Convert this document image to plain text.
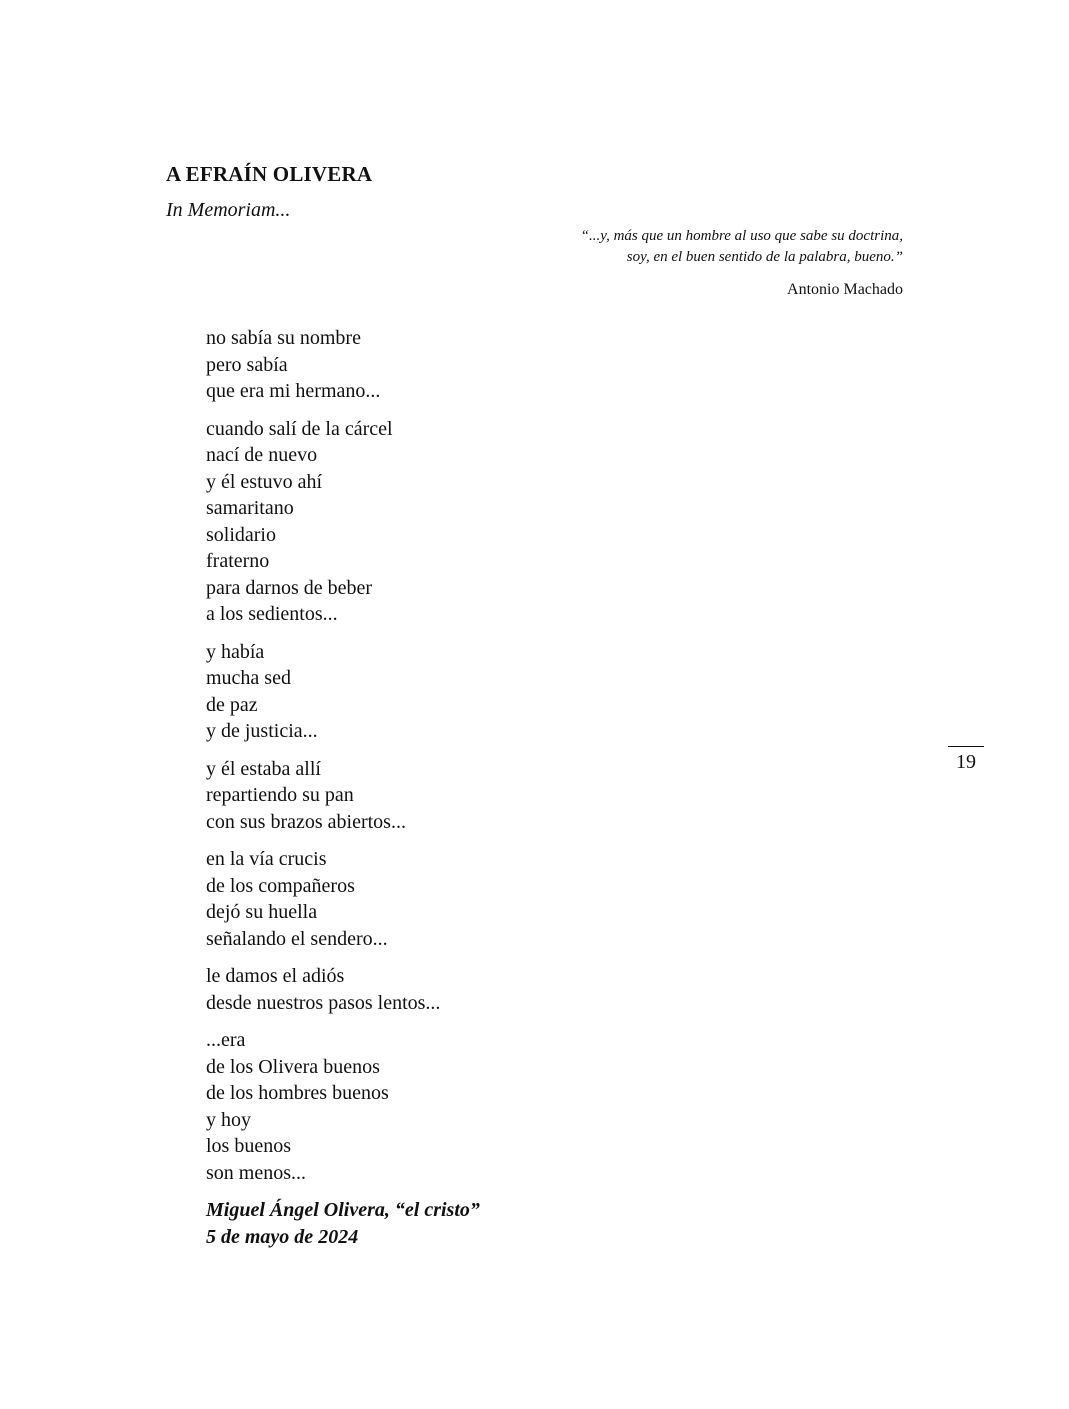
A EFRAÍN OLIVERA

In Memoriam...

“...y, más que un hombre al uso que sabe su doctrina,
soy, en el buen sentido de la palabra, bueno.”
Antonio Machado
no sabía su nombre
pero sabía
que era mi hermano...
cuando salí de la cárcel
nací de nuevo
y él estuvo ahí
samaritano
solidario
fraterno
para darnos de beber
a los sedientos...
y había
mucha sed
de paz
y de justicia...
y él estaba allí
repartiendo su pan
con sus brazos abiertos...
en la vía crucis
de los compañeros
dejó su huella
señalando el sendero...
le damos el adiós
desde nuestros pasos lentos...
...era
de los Olivera buenos
de los hombres buenos
y hoy
los buenos
son menos...
Miguel Ángel Olivera, “el cristo”
5 de mayo de 2024
19
